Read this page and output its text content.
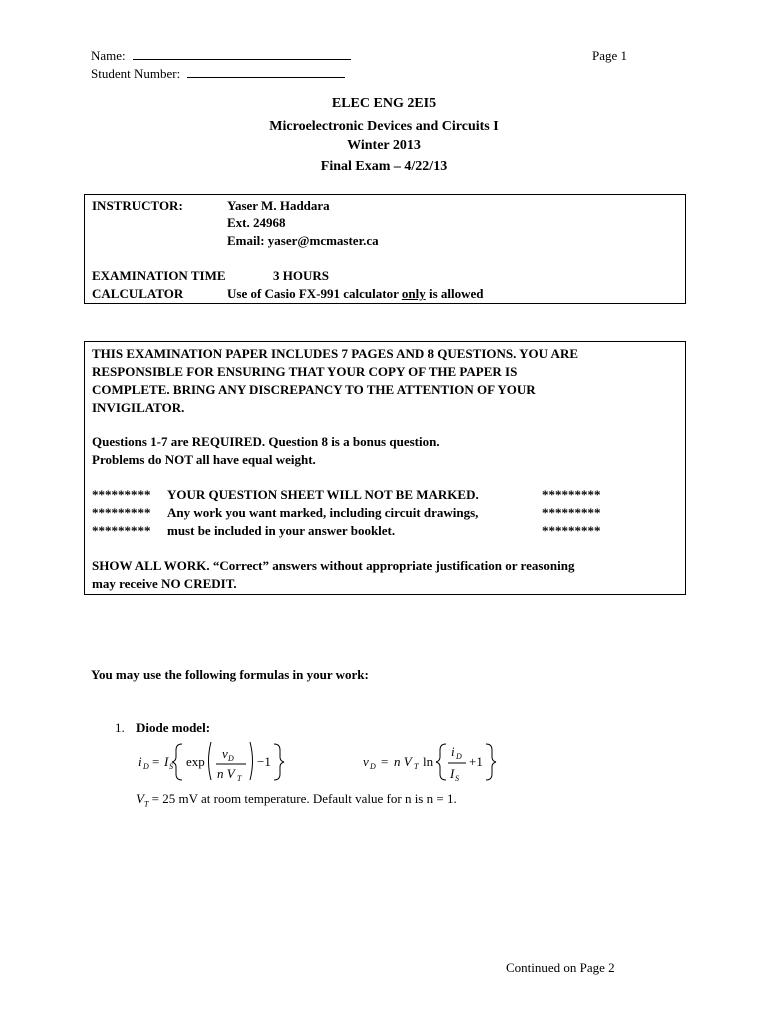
Name:
Student Number:
Page 1
ELEC ENG 2EI5
Microelectronic Devices and Circuits I
Winter 2013
Final Exam – 4/22/13
INSTRUCTOR:	Yaser M. Haddara
Ext. 24968
Email: yaser@mcmaster.ca
EXAMINATION TIME	3 HOURS
CALCULATOR	Use of Casio FX-991 calculator only is allowed
THIS EXAMINATION PAPER INCLUDES 7 PAGES AND 8 QUESTIONS. YOU ARE
RESPONSIBLE FOR ENSURING THAT YOUR COPY OF THE PAPER IS
COMPLETE. BRING ANY DISCREPANCY TO THE ATTENTION OF YOUR
INVIGILATOR.
Questions 1-7 are REQUIRED. Question 8 is a bonus question.
Problems do NOT all have equal weight.
********* YOUR QUESTION SHEET WILL NOT BE MARKED.	*********
********* Any work you want marked, including circuit drawings,	*********
********* must be included in your answer booklet.	*********
SHOW ALL WORK. “Correct” answers without appropriate justification or reasoning
may receive NO CREDIT.
You may use the following formulas in your work:
1. Diode model:
i D = I S exp
v D
n V T
−1	v D = n V T ln
i D
I S
+1
$V_T = 25$ mV at room temperature. Default value for n is n = 1.
Continued on Page 2
